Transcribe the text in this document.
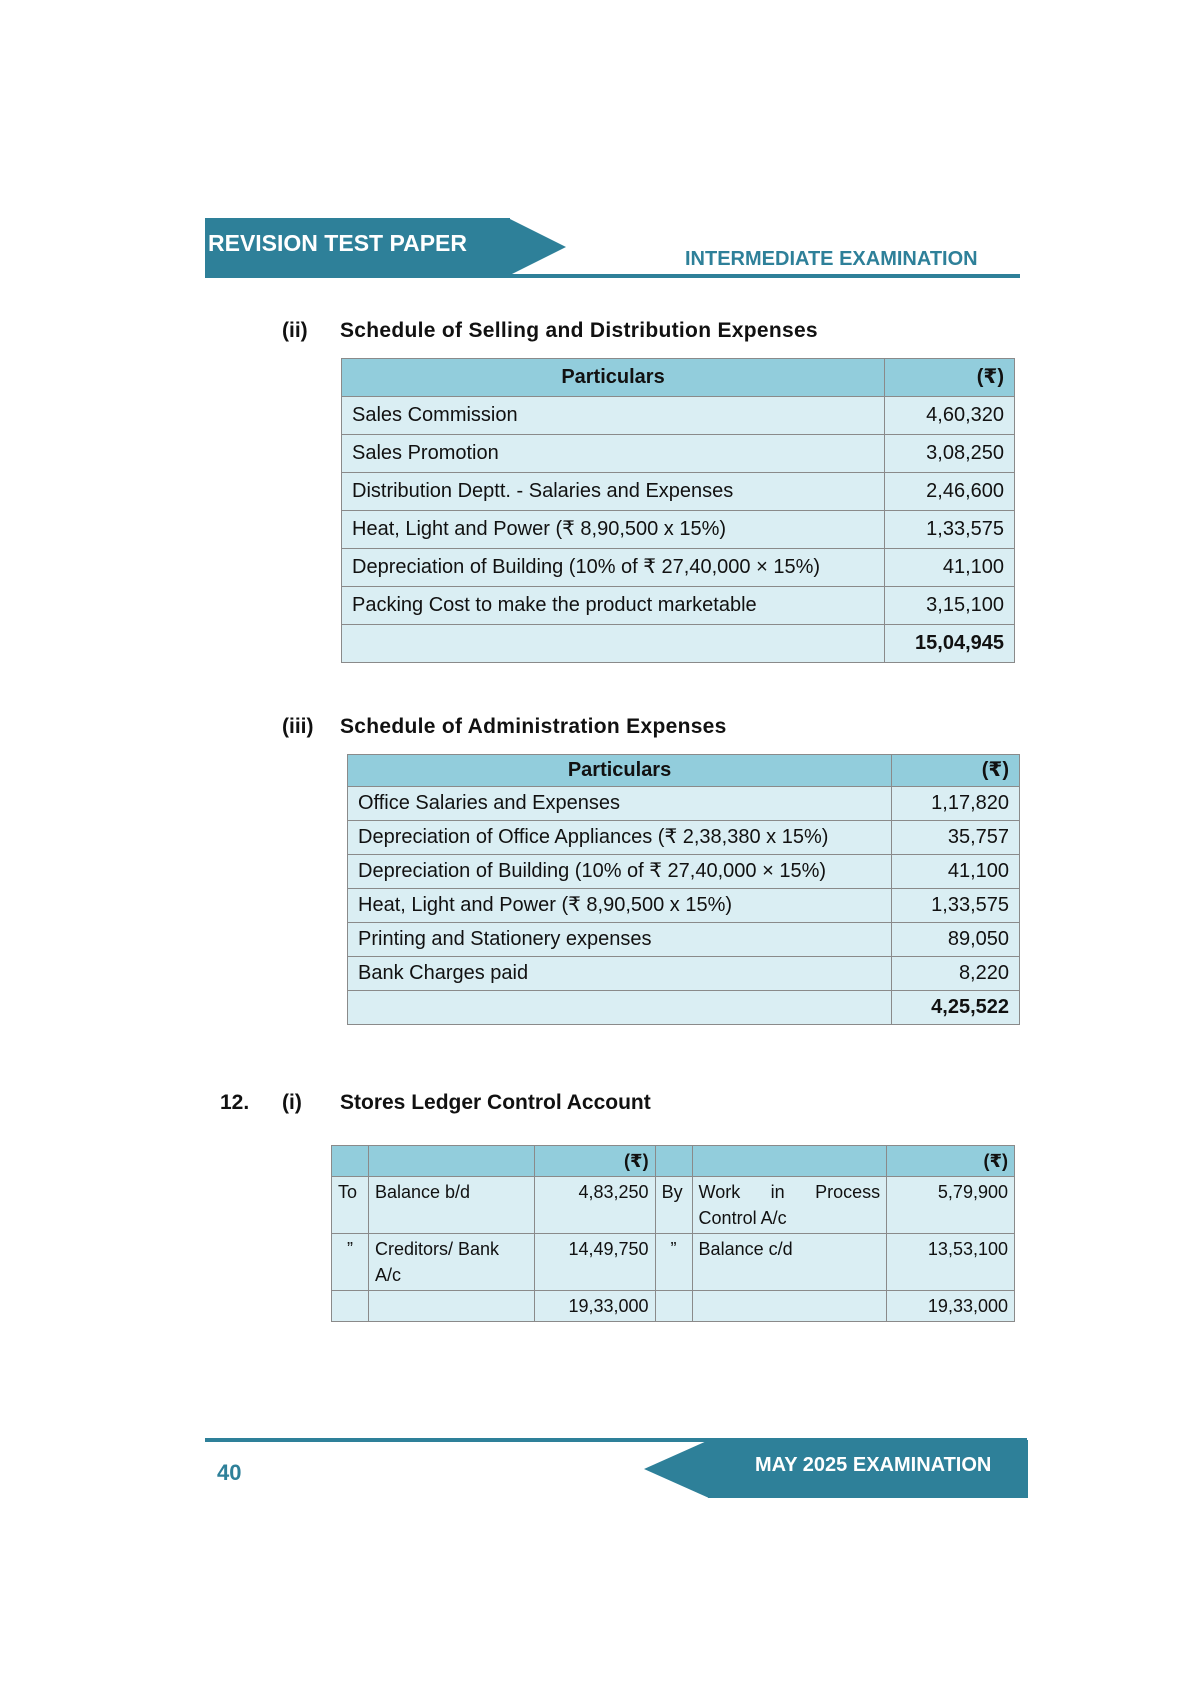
REVISION TEST PAPER
INTERMEDIATE EXAMINATION
(ii) Schedule of Selling and Distribution Expenses
Particulars	(₹)
Sales Commission	4,60,320
Sales Promotion	3,08,250
Distribution Deptt. - Salaries and Expenses	2,46,600
Heat, Light and Power (₹ 8,90,500 x 15%)	1,33,575
Depreciation of Building (10% of ₹ 27,40,000 × 15%)	41,100
Packing Cost to make the product marketable	3,15,100
	15,04,945
(iii) Schedule of Administration Expenses
Particulars	(₹)
Office Salaries and Expenses	1,17,820
Depreciation of Office Appliances (₹ 2,38,380 x 15%)	35,757
Depreciation of Building (10% of ₹ 27,40,000 × 15%)	41,100
Heat, Light and Power (₹ 8,90,500 x 15%)	1,33,575
Printing and Stationery expenses	89,050
Bank Charges paid	8,220
	4,25,522
12. (i) Stores Ledger Control Account
		(₹)			(₹)
To	Balance b/d	4,83,250	By	Work in Process Control A/c	5,79,900
”	Creditors/ Bank A/c	14,49,750	”	Balance c/d	13,53,100
		19,33,000			19,33,000
MAY 2025 EXAMINATION
40
